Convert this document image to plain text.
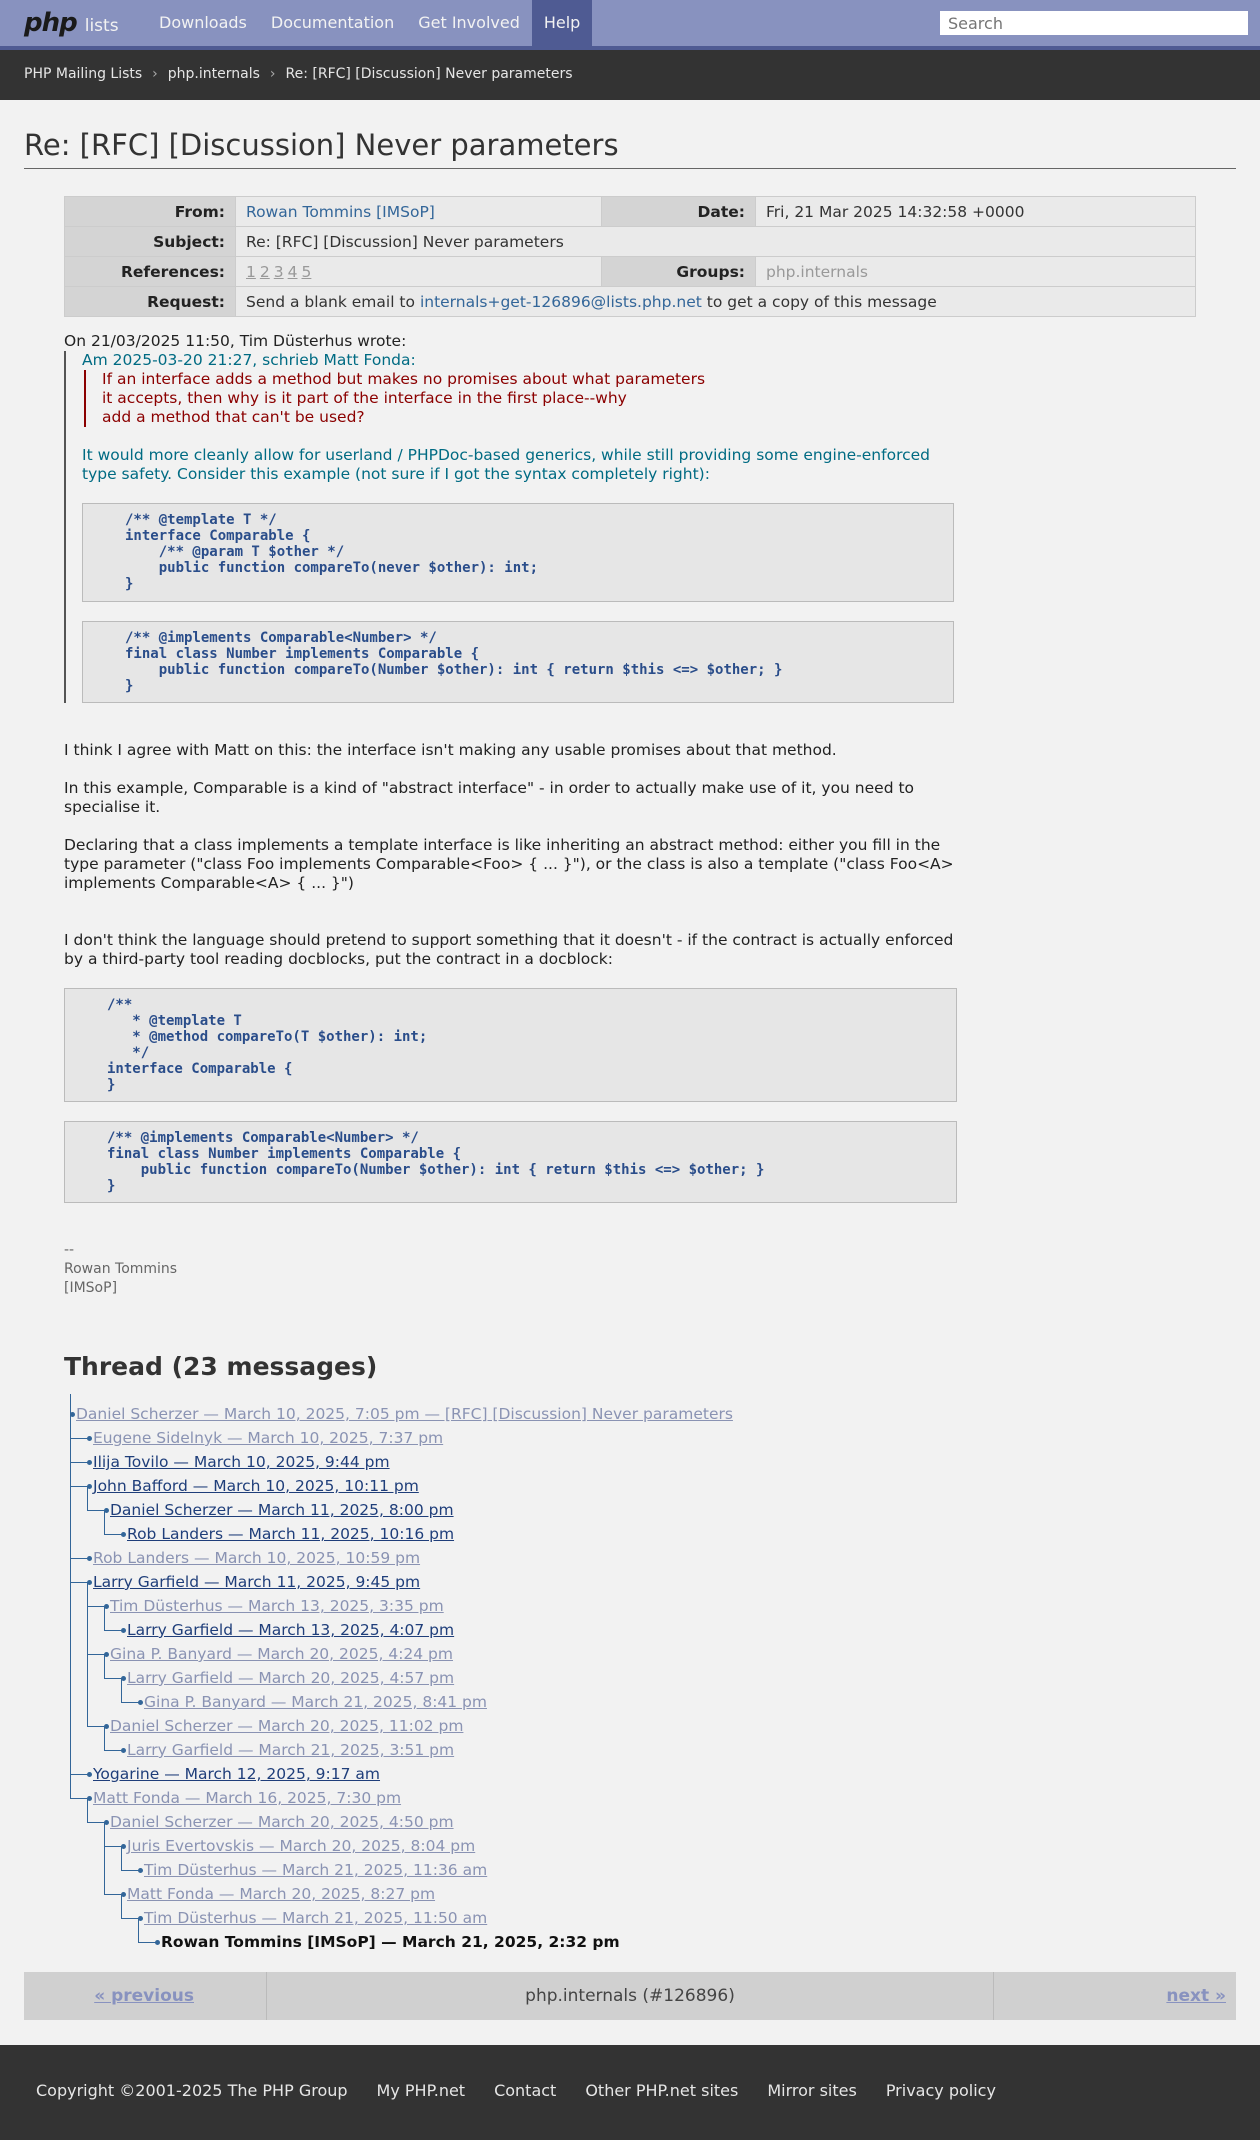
php lists	Downloads	Documentation	Get Involved	Help
Search
PHP Mailing Lists › php.internals › Re: [RFC] [Discussion] Never parameters
Re: [RFC] [Discussion] Never parameters
From:	Rowan Tommins [IMSoP]	Date:	Fri, 21 Mar 2025 14:32:58 +0000
Subject:	Re: [RFC] [Discussion] Never parameters		
References:	1 2 3 4 5	Groups:	php.internals
Request:	Send a blank email to internals+get-126896@lists.php.net to get a copy of this message		
On 21/03/2025 11:50, Tim Düsterhus wrote:
Am 2025-03-20 21:27, schrieb Matt Fonda:
If an interface adds a method but makes no promises about what parameters
it accepts, then why is it part of the interface in the first place--why
add a method that can't be used?
It would more cleanly allow for userland / PHPDoc-based generics, while still providing some engine-enforced type safety. Consider this example (not sure if I got the syntax completely right):
/** @template T */
interface Comparable {
/** @param T $other */
public function compareTo(never $other): int;
}
/** @implements Comparable<Number> */
final class Number implements Comparable {
public function compareTo(Number $other): int { return $this <=> $other; }
}
I think I agree with Matt on this: the interface isn't making any usable promises about that method.
In this example, Comparable is a kind of "abstract interface" - in order to actually make use of it, you need to specialise it.
Declaring that a class implements a template interface is like inheriting an abstract method: either you fill in the type parameter ("class Foo implements Comparable<Foo> { ... }"), or the class is also a template ("class Foo<A> implements Comparable<A> { ... }")
I don't think the language should pretend to support something that it doesn't - if the contract is actually enforced by a third-party tool reading docblocks, put the contract in a docblock:
/**
* @template T
* @method compareTo(T $other): int;
*/
interface Comparable {
}
/** @implements Comparable<Number> */
final class Number implements Comparable {
public function compareTo(Number $other): int { return $this <=> $other; }
}
--
Rowan Tommins
[IMSoP]
Thread (23 messages)
Daniel Scherzer — March 10, 2025, 7:05 pm — [RFC] [Discussion] Never parameters
Eugene Sidelnyk — March 10, 2025, 7:37 pm
Ilija Tovilo — March 10, 2025, 9:44 pm
John Bafford — March 10, 2025, 10:11 pm
Daniel Scherzer — March 11, 2025, 8:00 pm
Rob Landers — March 11, 2025, 10:16 pm
Rob Landers — March 10, 2025, 10:59 pm
Larry Garfield — March 11, 2025, 9:45 pm
Tim Düsterhus — March 13, 2025, 3:35 pm
Larry Garfield — March 13, 2025, 4:07 pm
Gina P. Banyard — March 20, 2025, 4:24 pm
Larry Garfield — March 20, 2025, 4:57 pm
Gina P. Banyard — March 21, 2025, 8:41 pm
Daniel Scherzer — March 20, 2025, 11:02 pm
Larry Garfield — March 21, 2025, 3:51 pm
Yogarine — March 12, 2025, 9:17 am
Matt Fonda — March 16, 2025, 7:30 pm
Daniel Scherzer — March 20, 2025, 4:50 pm
Juris Evertovskis — March 20, 2025, 8:04 pm
Tim Düsterhus — March 21, 2025, 11:36 am
Matt Fonda — March 20, 2025, 8:27 pm
Tim Düsterhus — March 21, 2025, 11:50 am
Rowan Tommins [IMSoP] — March 21, 2025, 2:32 pm
« previous	php.internals (#126896)	next »
Copyright ©2001-2025 The PHP Group My PHP.net Contact Other PHP.net sites Mirror sites Privacy policy
